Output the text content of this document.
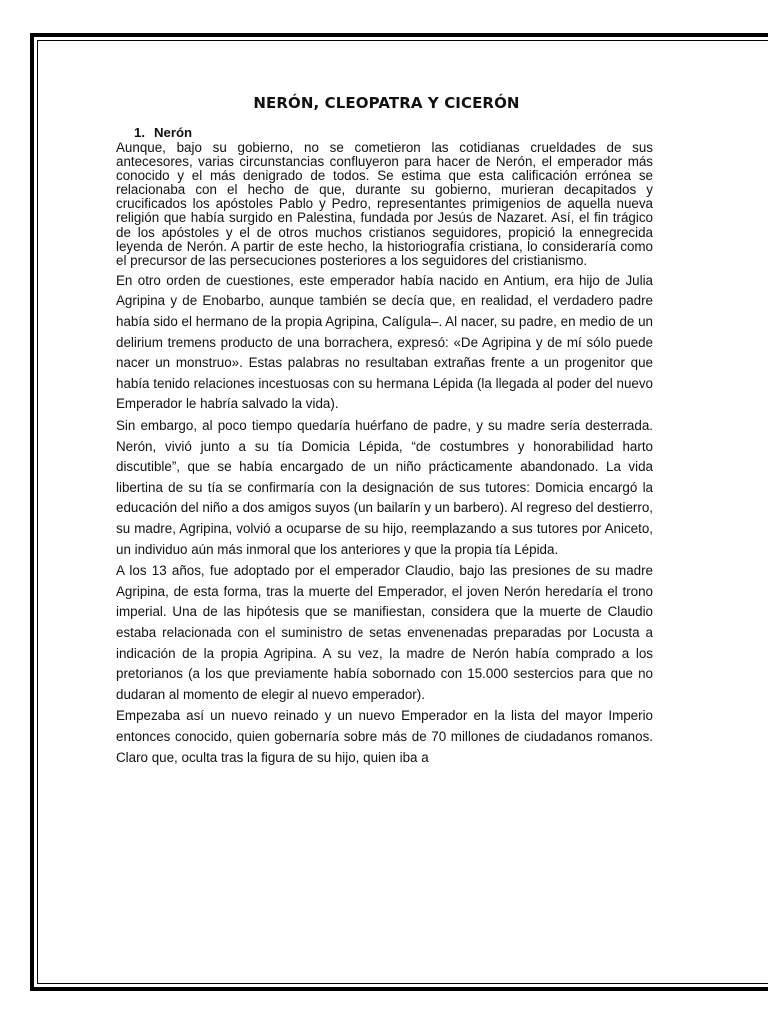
NERÓN, CLEOPATRA Y CICERÓN
1. Nerón

Aunque, bajo su gobierno, no se cometieron las cotidianas crueldades de sus antecesores, varias circunstancias confluyeron para hacer de Nerón, el emperador más conocido y el más denigrado de todos. Se estima que esta calificación errónea se relacionaba con el hecho de que, durante su gobierno, murieran decapitados y crucificados los apóstoles Pablo y Pedro, representantes primigenios de aquella nueva religión que había surgido en Palestina, fundada por Jesús de Nazaret. Así, el fin trágico de los apóstoles y el de otros muchos cristianos seguidores, propició la ennegrecida leyenda de Nerón. A partir de este hecho, la historiografía cristiana, lo consideraría como el precursor de las persecuciones posteriores a los seguidores del cristianismo.

En otro orden de cuestiones, este emperador había nacido en Antium, era hijo de Julia Agripina y de Enobarbo, aunque también se decía que, en realidad, el verdadero padre había sido el hermano de la propia Agripina, Calígula–. Al nacer, su padre, en medio de un delirium tremens producto de una borrachera, expresó: «De Agripina y de mí sólo puede nacer un monstruo». Estas palabras no resultaban extrañas frente a un progenitor que había tenido relaciones incestuosas con su hermana Lépida (la llegada al poder del nuevo Emperador le habría salvado la vida).

Sin embargo, al poco tiempo quedaría huérfano de padre, y su madre sería desterrada. Nerón, vivió junto a su tía Domicia Lépida, “de costumbres y honorabilidad harto discutible”, que se había encargado de un niño prácticamente abandonado. La vida libertina de su tía se confirmaría con la designación de sus tutores: Domicia encargó la educación del niño a dos amigos suyos (un bailarín y un barbero). Al regreso del destierro, su madre, Agripina, volvió a ocuparse de su hijo, reemplazando a sus tutores por Aniceto, un individuo aún más inmoral que los anteriores y que la propia tía Lépida.

A los 13 años, fue adoptado por el emperador Claudio, bajo las presiones de su madre Agripina, de esta forma, tras la muerte del Emperador, el joven Nerón heredaría el trono imperial. Una de las hipótesis que se manifiestan, considera que la muerte de Claudio estaba relacionada con el suministro de setas envenenadas preparadas por Locusta a indicación de la propia Agripina. A su vez, la madre de Nerón había comprado a los pretorianos (a los que previamente había sobornado con 15.000 sestercios para que no dudaran al momento de elegir al nuevo emperador).

Empezaba así un nuevo reinado y un nuevo Emperador en la lista del mayor Imperio entonces conocido, quien gobernaría sobre más de 70 millones de ciudadanos romanos. Claro que, oculta tras la figura de su hijo, quien iba a
